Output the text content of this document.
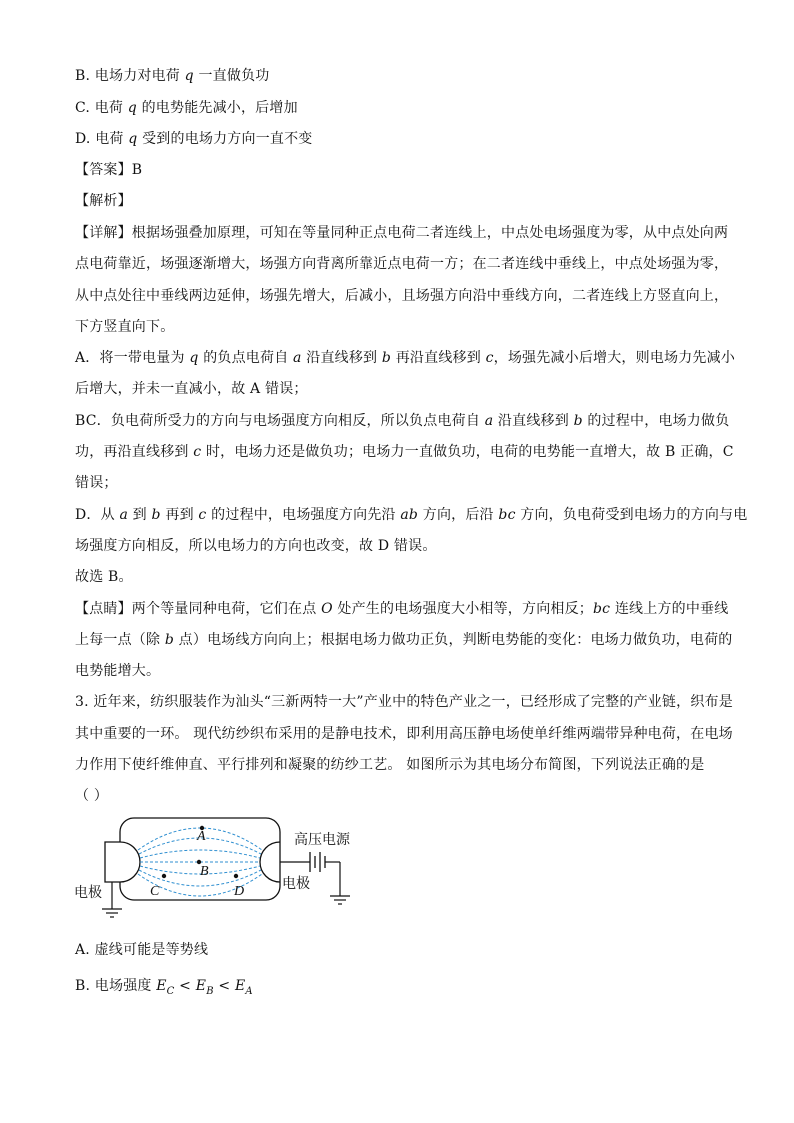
B. 电场力对电荷 q 一直做负功
C. 电荷 q 的电势能先减小，后增加
D. 电荷 q 受到的电场力方向一直不变
【答案】B
【解析】
【详解】根据场强叠加原理，可知在等量同种正点电荷二者连线上，中点处电场强度为零，从中点处向两
点电荷靠近，场强逐渐增大，场强方向背离所靠近点电荷一方；在二者连线中垂线上，中点处场强为零，
从中点处往中垂线两边延伸，场强先增大，后减小，且场强方向沿中垂线方向，二者连线上方竖直向上，
下方竖直向下。
A．将一带电量为 q 的负点电荷自 a 沿直线移到 b 再沿直线移到 c，场强先减小后增大，则电场力先减小
后增大，并未一直减小，故 A 错误；
BC．负电荷所受力的方向与电场强度方向相反，所以负点电荷自 a 沿直线移到 b 的过程中，电场力做负
功，再沿直线移到 c 时，电场力还是做负功；电场力一直做负功，电荷的电势能一直增大，故 B 正确，C
错误；
D．从 a 到 b 再到 c 的过程中，电场强度方向先沿 ab 方向，后沿 bc 方向，负电荷受到电场力的方向与电
场强度方向相反，所以电场力的方向也改变，故 D 错误。
故选 B。
【点睛】两个等量同种电荷，它们在点 O 处产生的电场强度大小相等，方向相反；bc 连线上方的中垂线
上每一点（除 b 点）电场线方向向上；根据电场力做功正负，判断电势能的变化：电场力做负功，电荷的
电势能增大。
3. 近年来，纺织服装作为汕头“三新两特一大”产业中的特色产业之一，已经形成了完整的产业链，织布是
其中重要的一环。 现代纺纱织布采用的是静电技术，即利用高压静电场使单纤维两端带异种电荷，在电场
力作用下使纤维伸直、平行排列和凝聚的纺纱工艺。 如图所示为其电场分布简图，下列说法正确的是
（ ）
A. 虚线可能是等势线
A
B
C	D
电极
电极
高压电源
B. 电场强度 $E_C < E_B < E_A$
